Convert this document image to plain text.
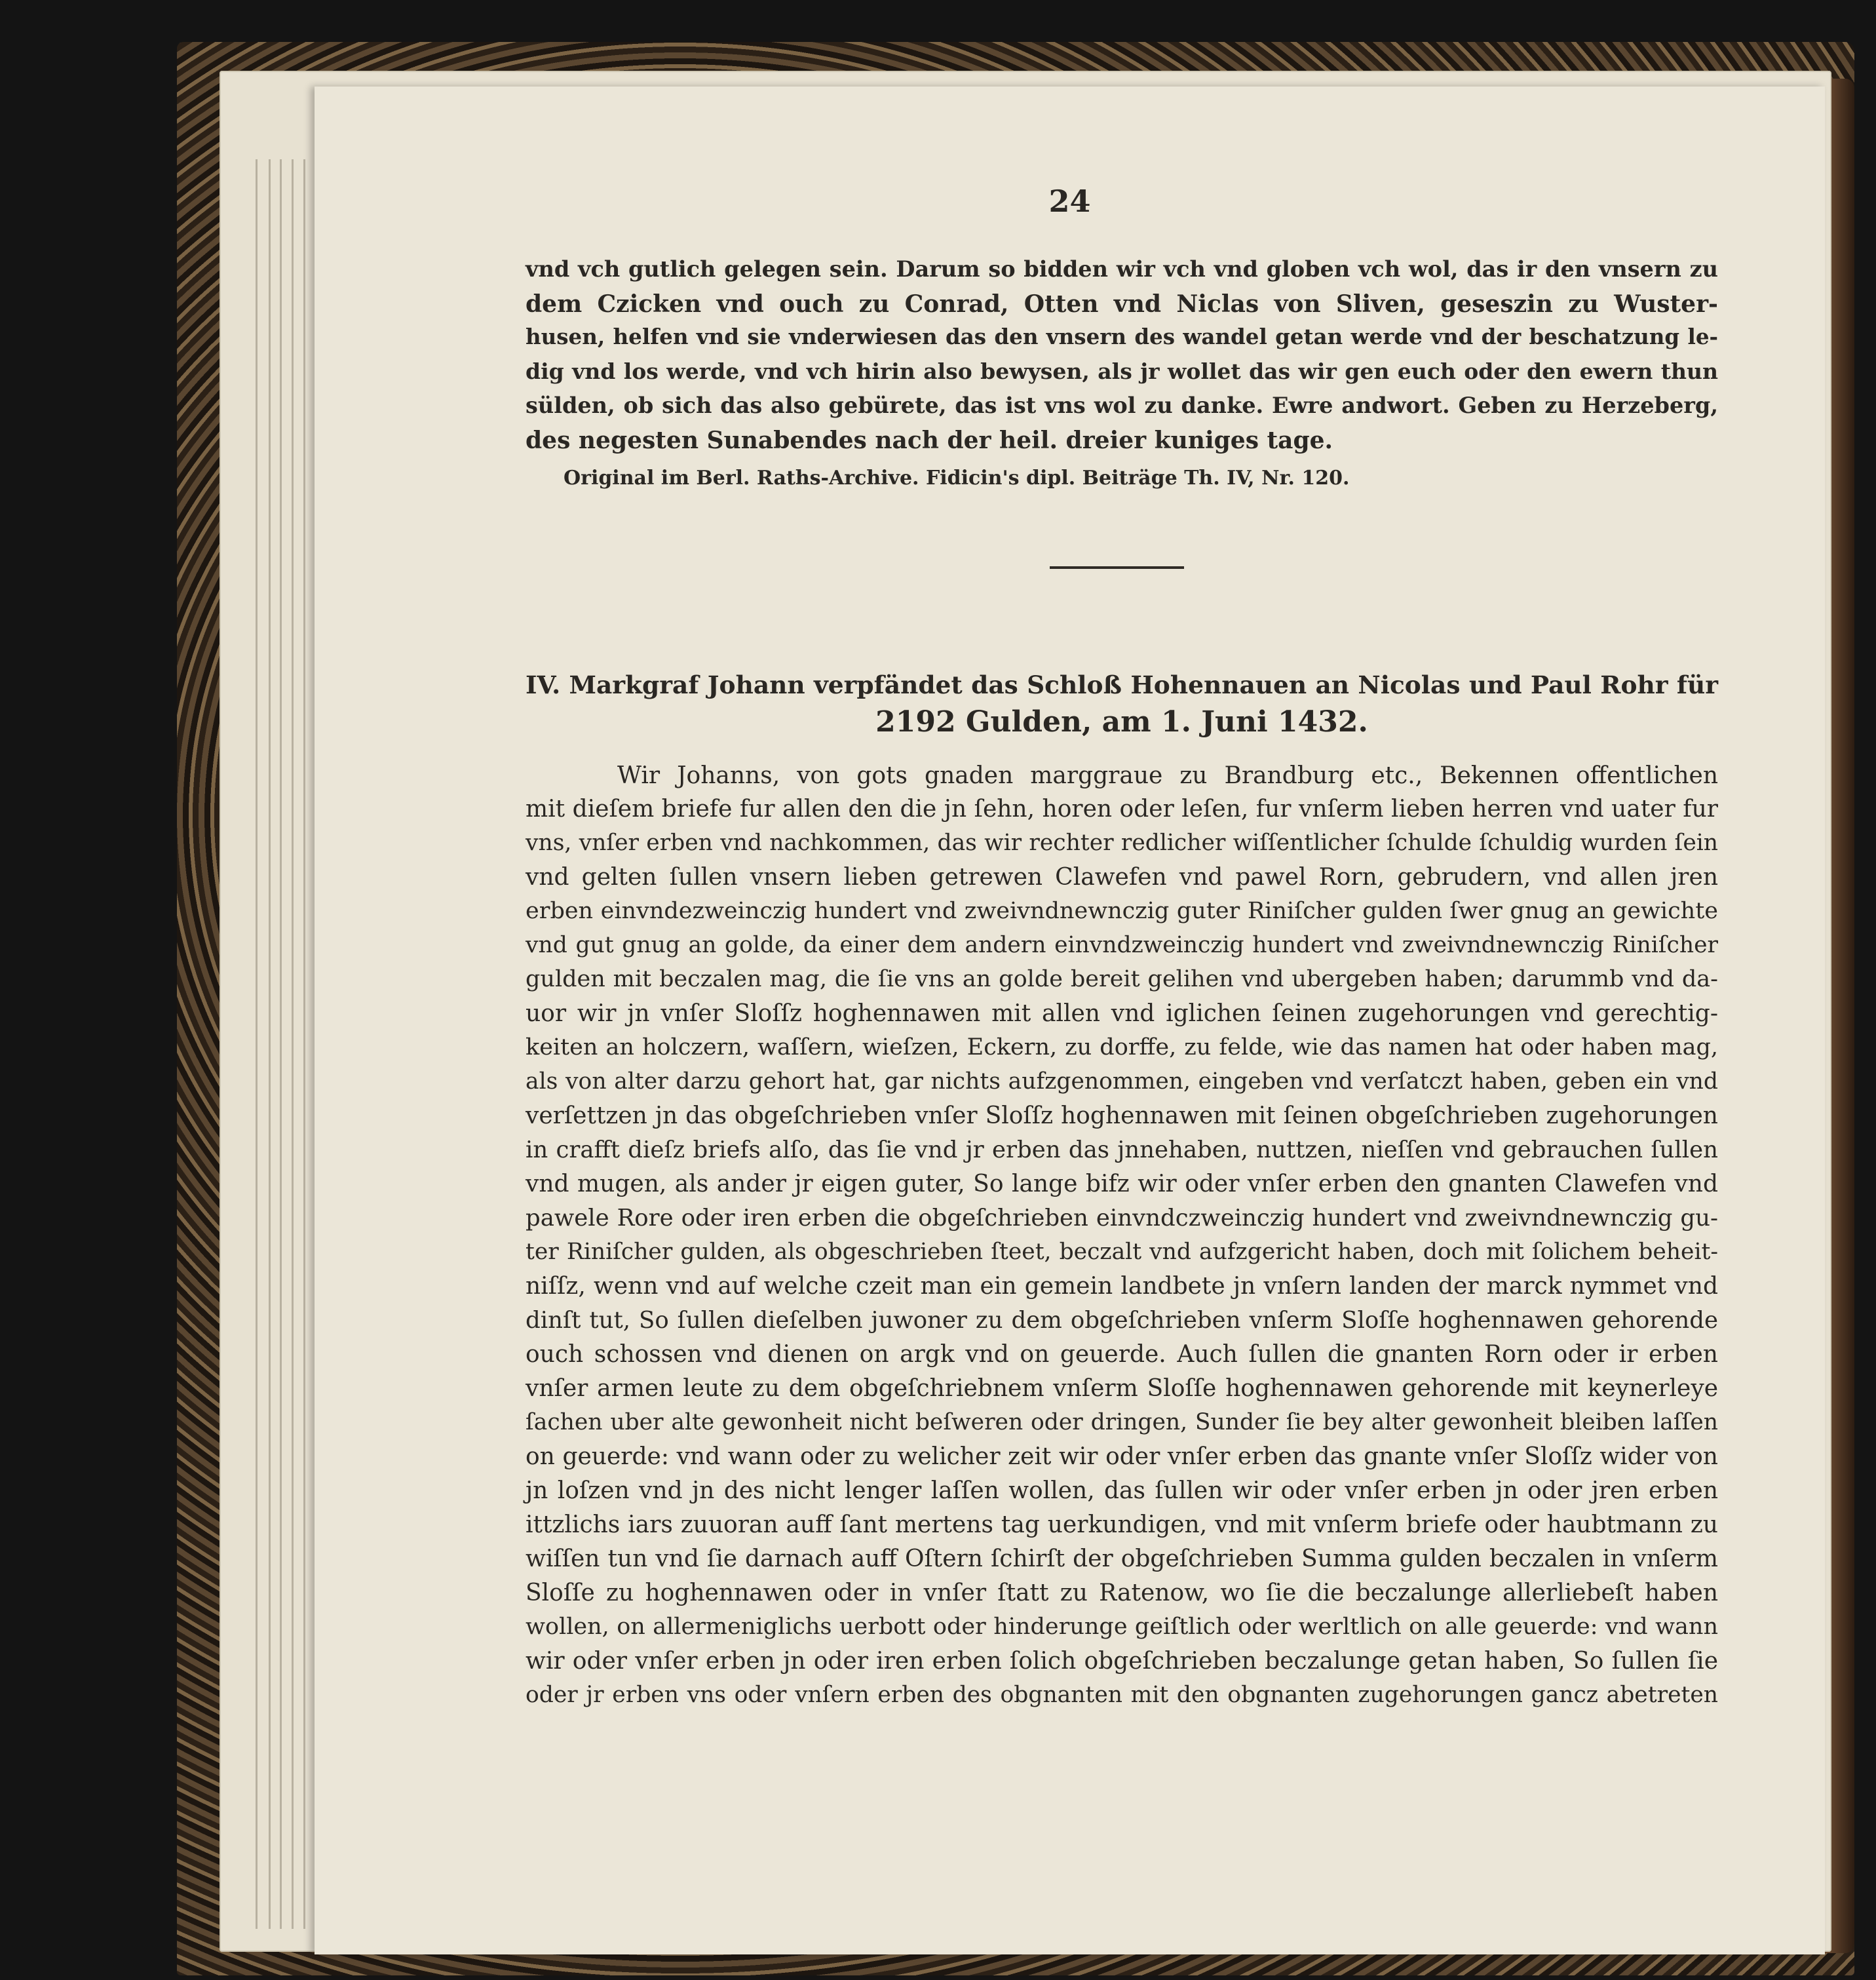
24
vnd vch gutlich gelegen sein. Darum so bidden wir vch vnd globen vch wol, das ir den vnsern zu
dem Czicken vnd ouch zu Conrad, Otten vnd Niclas von Sliven, geseszin zu Wuster-
husen, helfen vnd sie vnderwiesen das den vnsern des wandel getan werde vnd der beschatzung le-
dig vnd los werde, vnd vch hirin also bewysen, als jr wollet das wir gen euch oder den ewern thun
sülden, ob sich das also gebürete, das ist vns wol zu danke. Ewre andwort. Geben zu Herzeberg,
des negesten Sunabendes nach der heil. dreier kuniges tage.
Original im Berl. Raths-Archive. Fidicin's dipl. Beiträge Th. IV, Nr. 120.
IV. Markgraf Johann verpfändet das Schloß Hohennauen an Nicolas und Paul Rohr für
2192 Gulden, am 1. Juni 1432.
Wir Johanns, von gots gnaden marggraue zu Brandburg etc., Bekennen offentlichen
mit dieſem briefe fur allen den die jn ſehn, horen oder leſen, fur vnſerm lieben herren vnd uater fur
vns, vnſer erben vnd nachkommen, das wir rechter redlicher wiſſentlicher ſchulde ſchuldig wurden ſein
vnd gelten ſullen vnsern lieben getrewen Clawefen vnd pawel Rorn, gebrudern, vnd allen jren
erben einvndezweinczig hundert vnd zweivndnewnczig guter Riniſcher gulden ſwer gnug an gewichte
vnd gut gnug an golde, da einer dem andern einvndzweinczig hundert vnd zweivndnewnczig Riniſcher
gulden mit beczalen mag, die ſie vns an golde bereit gelihen vnd ubergeben haben; darummb vnd da-
uor wir jn vnſer Sloſſz hoghennawen mit allen vnd iglichen ſeinen zugehorungen vnd gerechtig-
keiten an holczern, waſſern, wieſzen, Eckern, zu dorffe, zu felde, wie das namen hat oder haben mag,
als von alter darzu gehort hat, gar nichts aufzgenommen, eingeben vnd verſatczt haben, geben ein vnd
verſettzen jn das obgeſchrieben vnſer Sloſſz hoghennawen mit ſeinen obgeſchrieben zugehorungen
in crafft dieſz briefs alſo, das ſie vnd jr erben das jnnehaben, nuttzen, nieſſen vnd gebrauchen ſullen
vnd mugen, als ander jr eigen guter, So lange bifz wir oder vnſer erben den gnanten Clawefen vnd
pawele Rore oder iren erben die obgeſchrieben einvndczweinczig hundert vnd zweivndnewnczig gu-
ter Riniſcher gulden, als obgeschrieben ſteet, beczalt vnd aufzgericht haben, doch mit ſolichem beheit-
niſſz, wenn vnd auf welche czeit man ein gemein landbete jn vnſern landen der marck nymmet vnd
dinſt tut, So ſullen dieſelben juwoner zu dem obgeſchrieben vnſerm Sloſſe hoghennawen gehorende
ouch schossen vnd dienen on argk vnd on geuerde. Auch ſullen die gnanten Rorn oder ir erben
vnſer armen leute zu dem obgeſchriebnem vnſerm Sloſſe hoghennawen gehorende mit keynerleye
ſachen uber alte gewonheit nicht beſweren oder dringen, Sunder ſie bey alter gewonheit bleiben laſſen
on geuerde: vnd wann oder zu welicher zeit wir oder vnſer erben das gnante vnſer Sloſſz wider von
jn loſzen vnd jn des nicht lenger laſſen wollen, das ſullen wir oder vnſer erben jn oder jren erben
ittzlichs iars zuuoran auff ſant mertens tag uerkundigen, vnd mit vnſerm briefe oder haubtmann zu
wiſſen tun vnd ſie darnach auff Oſtern ſchirſt der obgeſchrieben Summa gulden beczalen in vnſerm
Sloſſe zu hoghennawen oder in vnſer ſtatt zu Ratenow, wo ſie die beczalunge allerliebeſt haben
wollen, on allermeniglichs uerbott oder hinderunge geiſtlich oder werltlich on alle geuerde: vnd wann
wir oder vnſer erben jn oder iren erben ſolich obgeſchrieben beczalunge getan haben, So ſullen ſie
oder jr erben vns oder vnſern erben des obgnanten mit den obgnanten zugehorungen gancz abetreten
